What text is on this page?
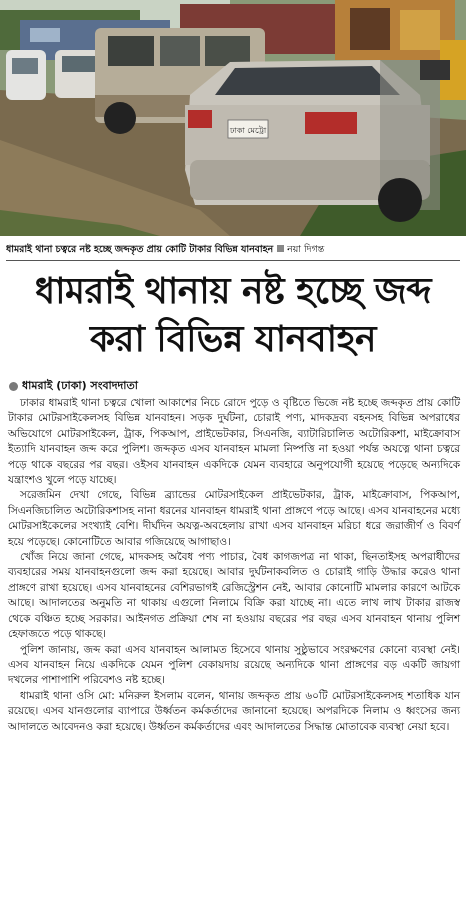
ঢাকা মেট্রো
ধামরাই থানা চত্বরে নষ্ট হচ্ছে জব্দকৃত প্রায় কোটি টাকার বিভিন্ন যানবাহন নয়া দিগন্ত
ধামরাই থানায় নষ্ট হচ্ছে জব্দ
করা বিভিন্ন যানবাহন
ধামরাই (ঢাকা) সংবাদদাতা

ঢাকার ধামরাই থানা চত্বরে খোলা আকাশের নিচে রোদে পুড়ে ও বৃষ্টিতে ভিজে নষ্ট হচ্ছে জব্দকৃত প্রায় কোটি টাকার মোটরসাইকেলসহ বিভিন্ন যানবাহন। সড়ক দুর্ঘটনা, চোরাই পণ্য, মাদকদ্রব্য বহনসহ বিভিন্ন অপরাধের অভিযোগে মোটরসাইকেল, ট্রাক, পিকআপ, প্রাইভেটকার, সিএনজি, ব্যাটারিচালিত অটোরিকশা, মাইক্রোবাস ইত্যাদি যানবাহন জব্দ করে পুলিশ। জব্দকৃত এসব যানবাহন মামলা নিষ্পত্তি না হওয়া পর্যন্ত অযত্নে থানা চত্বরে পড়ে থাকে বছরের পর বছর। ওইসব যানবাহন একদিকে যেমন ব্যবহারে অনুপযোগী হয়েছে পড়েছে অন্যদিকে যন্ত্রাংশও খুলে পড়ে যাচ্ছে।

সরেজমিন দেখা গেছে, বিভিন্ন ব্র্যান্ডের মোটরসাইকেল প্রাইভেটকার, ট্রাক, মাইক্রোবাস, পিকআপ, সিএনজিচালিত অটোরিকশাসহ নানা ধরনের যানবাহন ধামরাই থানা প্রাঙ্গণে পড়ে আছে। এসব যানবাহনের মধ্যে মোটরসাইকেলের সংখ্যাই বেশি। দীর্ঘদিন অযত্ন-অবহেলায় রাখা এসব যানবাহন মরিচা ধরে জরাজীর্ণ ও বিবর্ণ হয়ে পড়েছে। কোনোটিতে আবার গজিয়েছে আগাছাও।

খোঁজ নিয়ে জানা গেছে, মাদকসহ অবৈধ পণ্য পাচার, বৈধ কাগজপত্র না থাকা, ছিনতাইসহ অপরাধীদের ব্যবহারের সময় যানবাহনগুলো জব্দ করা হয়েছে। আবার দুর্ঘটনাকবলিত ও চোরাই গাড়ি উদ্ধার করেও থানা প্রাঙ্গণে রাখা হয়েছে। এসব যানবাহনের বেশিরভাগই রেজিস্ট্রেশন নেই, আবার কোনোটি মামলার কারণে আটকে আছে। আদালতের অনুমতি না থাকায় এগুলো নিলামে বিক্রি করা যাচ্ছে না। এতে লাখ লাখ টাকার রাজস্ব থেকে বঞ্চিত হচ্ছে সরকার। আইনগত প্রক্রিয়া শেষ না হওয়ায় বছরের পর বছর এসব যানবাহন থানায় পুলিশ হেফাজতে পড়ে থাকছে।

পুলিশ জানায়, জব্দ করা এসব যানবাহন আলামত হিসেবে থানায় সুষ্ঠুভাবে সংরক্ষণের কোনো ব্যবস্থা নেই। এসব যানবাহন নিয়ে একদিকে যেমন পুলিশ বেকায়দায় রয়েছে অন্যদিকে থানা প্রাঙ্গণের বড় একটি জায়গা দখলের পাশাপাশি পরিবেশও নষ্ট হচ্ছে।

ধামরাই থানা ওসি মো: মনিরুল ইসলাম বলেন, থানায় জব্দকৃত প্রায় ৬০টি মোটরসাইকেলসহ শতাধিক যান রয়েছে। এসব যানগুলোর ব্যাপারে উর্ধ্বতন কর্মকর্তাদের জানানো হয়েছে। অপরদিকে নিলাম ও ধ্বংসের জন্য আদালতে আবেদনও করা হয়েছে। উর্ধ্বতন কর্মকর্তাদের এবং আদালতের সিদ্ধান্ত মোতাবেক ব্যবস্থা নেয়া হবে।
